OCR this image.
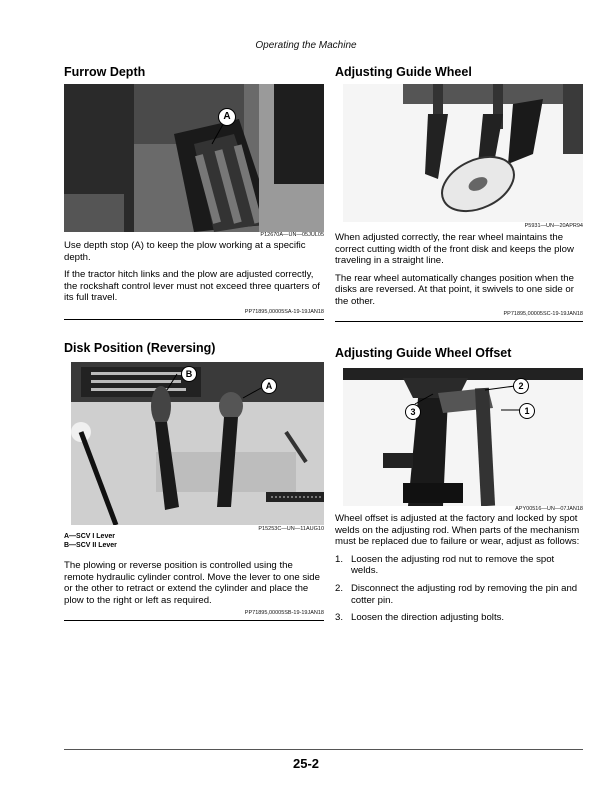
Operating the Machine
Furrow Depth
A
P12670A—UN—05JUL05

Use depth stop (A) to keep the plow working at a specific depth.

If the tractor hitch links and the plow are adjusted correctly, the rockshaft control lever must not exceed three quarters of its full travel.

PP71895,00005SA-19-19JAN18
Disk Position (Reversing)
B
A
P15253C—UN—11AUG10
A—SCV I Lever
B—SCV II Lever

The plowing or reverse position is controlled using the remote hydraulic cylinder control. Move the lever to one side or the other to retract or extend the cylinder and place the plow to the right or left as required.

PP71895,00005SB-19-19JAN18
Adjusting Guide Wheel
P5931—UN—20APR94

When adjusted correctly, the rear wheel maintains the correct cutting width of the front disk and keeps the plow traveling in a straight line.

The rear wheel automatically changes position when the disks are reversed. At that point, it swivels to one side or the other.

PP71895,00005SC-19-19JAN18
Adjusting Guide Wheel Offset
2
1
3
APY00516—UN—07JAN18

Wheel offset is adjusted at the factory and locked by spot welds on the adjusting rod. When parts of the mechanism must be replaced due to failure or wear, adjust as follows:

1. Loosen the adjusting rod nut to remove the spot welds.
2. Disconnect the adjusting rod by removing the pin and cotter pin.
3. Loosen the direction adjusting bolts.
25-2
